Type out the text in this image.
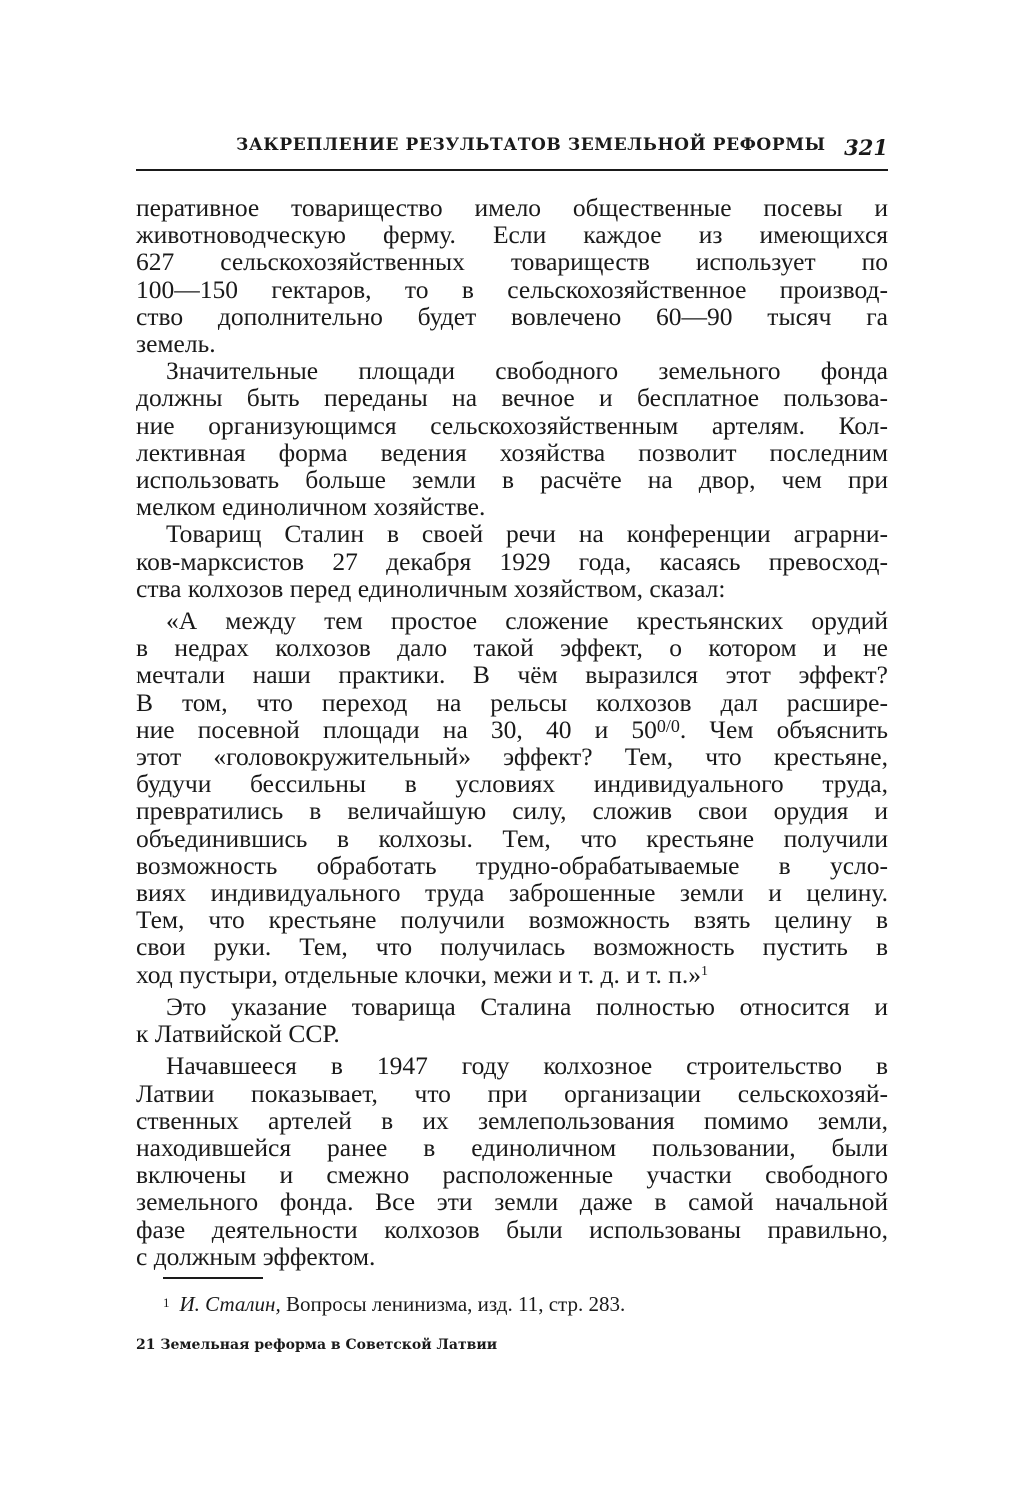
ЗАКРЕПЛЕНИЕ РЕЗУЛЬТАТОВ ЗЕМЕЛЬНОЙ РЕФОРМЫ 321
перативное товарищество имело общественные посевы и
животноводческую ферму. Если каждое из имеющихся
627 сельскохозяйственных товариществ использует по
100—150 гектаров, то в сельскохозяйственное производ-
ство дополнительно будет вовлечено 60—90 тысяч га
земель.
Значительные площади свободного земельного фонда
должны быть переданы на вечное и бесплатное пользова-
ние организующимся сельскохозяйственным артелям. Кол-
лективная форма ведения хозяйства позволит последним
использовать больше земли в расчёте на двор, чем при
мелком единоличном хозяйстве.
Товарищ Сталин в своей речи на конференции аграрни-
ков-марксистов 27 декабря 1929 года, касаясь превосход-
ства колхозов перед единоличным хозяйством, сказал:
«А между тем простое сложение крестьянских орудий
в недрах колхозов дало такой эффект, о котором и не
мечтали наши практики. В чём выразился этот эффект?
В том, что переход на рельсы колхозов дал расшире-
ние посевной площади на 30, 40 и $50^{0/0}$. Чем объяснить
этот «головокружительный» эффект? Тем, что крестьяне,
будучи бессильны в условиях индивидуального труда,
превратились в величайшую силу, сложив свои орудия и
объединившись в колхозы. Тем, что крестьяне получили
возможность обработать трудно-обрабатываемые в усло-
виях индивидуального труда заброшенные земли и целину.
Тем, что крестьяне получили возможность взять целину в
свои руки. Тем, что получилась возможность пустить в
ход пустыри, отдельные клочки, межи и т. д. и т. п.»$^1$
Это указание товарища Сталина полностью относится и
к Латвийской ССР.
Начавшееся в 1947 году колхозное строительство в
Латвии показывает, что при организации сельскохозяй-
ственных артелей в их землепользования помимо земли,
находившейся ранее в единоличном пользовании, были
включены и смежно расположенные участки свободного
земельного фонда. Все эти земли даже в самой начальной
фазе деятельности колхозов были использованы правильно,
с должным эффектом.
1 И. Сталин, Вопросы ленинизма, изд. 11, стр. 283.
21 Земельная реформа в Советской Латвии
